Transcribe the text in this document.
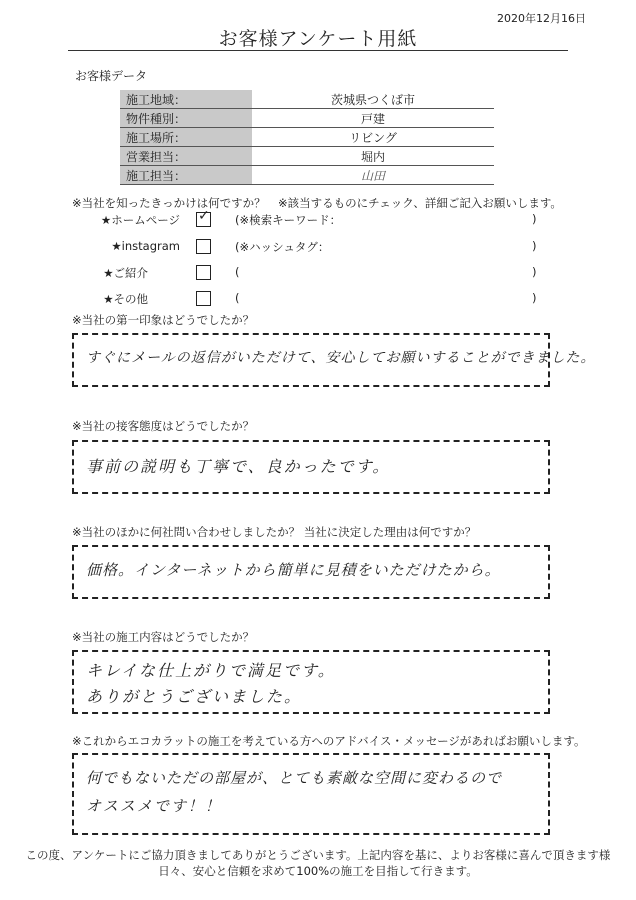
2020年12月16日
お客様アンケート用紙
お客様データ
施工地域：	茨城県つくば市
物件種別：	戸建
施工場所：	リビング
営業担当：	堀内
施工担当：	山田
※当社を知ったきっかけは何ですか？ ※該当するものにチェック、詳細ご記入お願いします。
★ホームページ ✓	(※検索キーワード：	)
★instagram	(※ハッシュタグ：	)
★ご紹介	(	)
★その他	(	)
※当社の第一印象はどうでしたか？
すぐにメールの返信がいただけて、安心してお願いすることができました。
※当社の接客態度はどうでしたか？
事前の説明も丁寧で、良かったです。
※当社のほかに何社問い合わせしましたか？ 当社に決定した理由は何ですか？
価格。インターネットから簡単に見積をいただけたから。
※当社の施工内容はどうでしたか？
キレイな仕上がりで満足です。
ありがとうございました。
※これからエコカラットの施工を考えている方へのアドバイス・メッセージがあればお願いします。
何でもないただの部屋が、とても素敵な空間に変わるので
オススメです！！
この度、アンケートにご協力頂きましてありがとうございます。上記内容を基に、よりお客様に喜んで頂きます様
日々、安心と信頼を求めて100%の施工を目指して行きます。
